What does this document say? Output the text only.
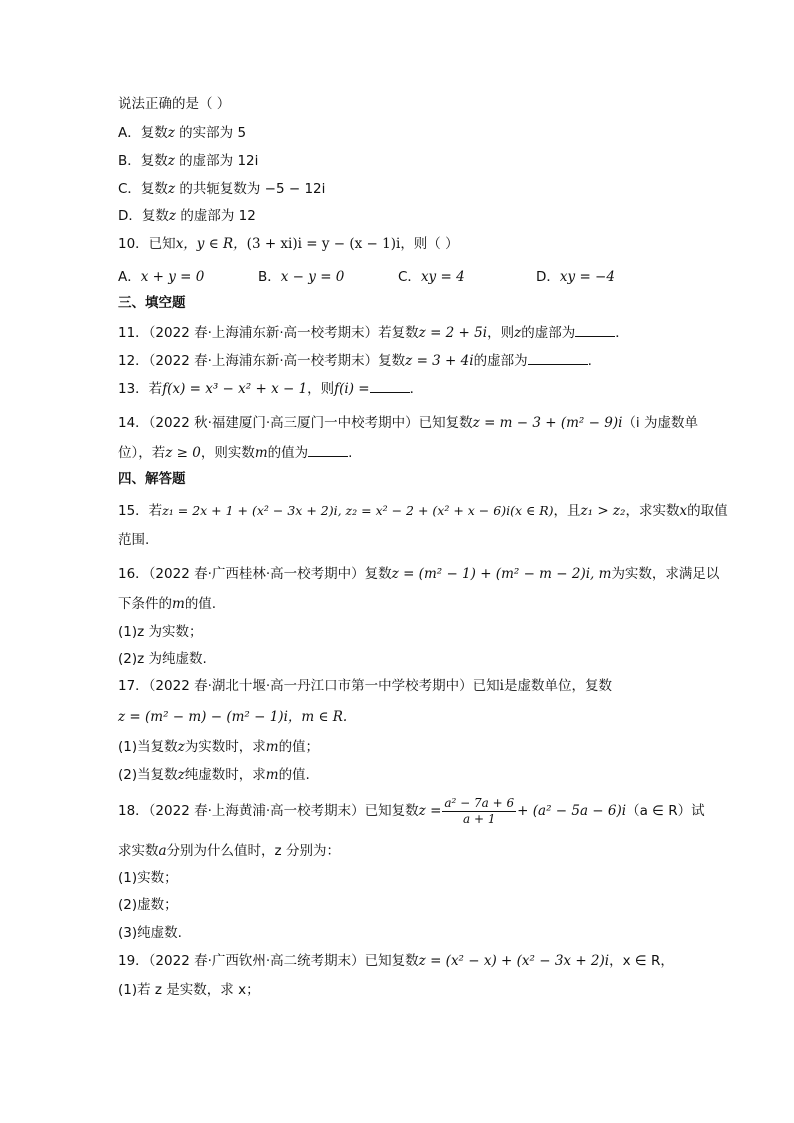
说法正确的是（ ）
A．复数z 的实部为 5
B．复数z 的虚部为 12i
C．复数z 的共轭复数为 −5 − 12i
D．复数z 的虚部为 12
10．已知x，y ∈ R，(3 + xi)i = y − (x − 1)i，则（ ）
A．x + y = 0	B．x − y = 0	C．xy = 4	D．xy = −4
三、填空题
11．（2022 春·上海浦东新·高一校考期末）若复数z = 2 + 5i，则z的虚部为	．
12．（2022 春·上海浦东新·高一校考期末）复数z = 3 + 4i的虚部为	.
13．若f(x) = x³ − x² + x − 1，则f(i) =	．
14．（2022 秋·福建厦门·高三厦门一中校考期中）已知复数z = m − 3 + (m² − 9)i（i 为虚数单
位），若z ≥ 0，则实数m的值为	.
四、解答题
15．若z₁ = 2x + 1 + (x² − 3x + 2)i, z₂ = x² − 2 + (x² + x − 6)i(x ∈ R)，且z₁ > z₂，求实数x的取值
范围.
16．（2022 春·广西桂林·高一校考期中）复数z = (m² − 1) + (m² − m − 2)i, m为实数，求满足以
下条件的m的值.
(1)z 为实数；
(2)z 为纯虚数.
17．（2022 春·湖北十堰·高一丹江口市第一中学校考期中）已知i是虚数单位，复数
z = (m² − m) − (m² − 1)i，m ∈ R.
(1)当复数z为实数时，求m的值；
(2)当复数z纯虚数时，求m的值.
18．（2022 春·上海黄浦·高一校考期末）已知复数$z = \frac{\text{a² − 7a + 6}}{a + 1} + (a^2 - 5a - 6)i(a$ ∈ R）试
求实数a分别为什么值时，z 分别为：
(1)实数；
(2)虚数；
(3)纯虚数.
19．（2022 春·广西钦州·高二统考期末）已知复数z = (x² − x) + (x² − 3x + 2)i，x ∈ R，
(1)若 z 是实数，求 x；
